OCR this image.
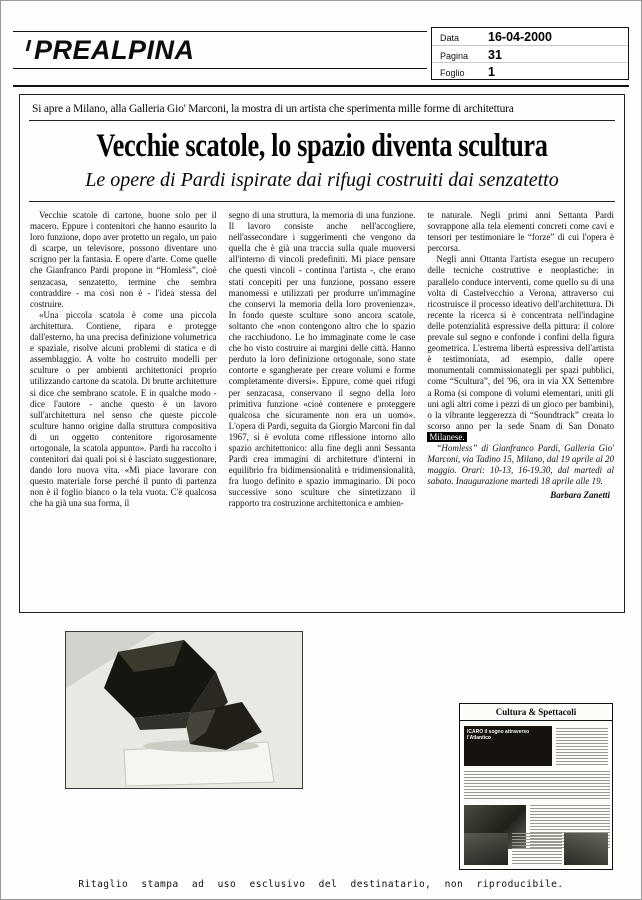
PREALPINA	Data	16-04-2000
Pagina	31
Foglio	1
Si apre a Milano, alla Galleria Gio' Marconi, la mostra di un artista che sperimenta mille forme di architettura
Vecchie scatole, lo spazio diventa scultura
Le opere di Pardi ispirate dai rifugi costruiti dai senzatetto

Vecchie scatole di cartone, buone solo per il macero. Eppure i contenitori che hanno esaurito la loro funzione, dopo aver protetto un regalo, un paio di scarpe, un televisore, possono diventare uno scrigno per la fantasia. E opere d'arte. Come quelle che Gianfranco Pardi propone in “Homless”, cioè senzacasa, senzatetto, termine che sembra contraddire - ma così non è - l'idea stessa del costruire.

«Una piccola scatola è come una piccola architettura. Contiene, ripara e protegge dall'esterno, ha una precisa definizione volumetrica e spaziale, risolve alcuni problemi di statica e di assemblaggio. A volte ho costruito modelli per sculture o per ambienti architettonici proprio utilizzando cartone da scatola. Di brutte architetture si dice che sembrano scatole. E in qualche modo - dice l'autore - anche questo è un lavoro sull'architettura nel senso che queste piccole sculture hanno origine dalla struttura compositiva di un oggetto contenitore rigorosamente ortogonale, la scatola appunto». Pardi ha raccolto i contenitori dai quali poi si è lasciato suggestionare, dando loro nuova vita. «Mi piace lavorare con questo materiale forse perché il punto di partenza non è il foglio bianco o la tela vuota. C'è qualcosa che ha già una sua forma, il

segno di una struttura, la memoria di una funzione. Il lavoro consiste anche nell'accogliere, nell'assecondare i suggerimenti che vengono da quella che è già una traccia sulla quale muoversi all'interno di vincoli predefiniti. Mi piace pensare che questi vincoli - continua l'artista -, che erano stati concepiti per una funzione, possano essere manomessi e utilizzati per produrre un'immagine che conservi la memoria della loro provenienza». In fondo queste sculture sono ancora scatole, soltanto che «non contengono altro che lo spazio che racchiudono. Le ho immaginate come le case che ho visto costruire ai margini delle città. Hanno perduto la loro definizione ortogonale, sono state contorte e sgangherate per creare volumi e forme completamente diversi». Eppure, come quei rifugi per senzacasa, conservano il segno della loro primitiva funzione «cioè contenere e proteggere qualcosa che sicuramente non era un uomo». L'opera di Pardi, seguita da Giorgio Marconi fin dal 1967, si è evoluta come riflessione intorno allo spazio architettonico: alla fine degli anni Sessanta Pardi crea immagini di architetture d'interni in equilibrio fra bidimensionalità e tridimensionalità, fra luogo definito e spazio immaginario. Di poco successive sono sculture che sintetizzano il rapporto tra costruzione architettonica e ambien-

te naturale. Negli primi anni Settanta Pardi sovrappone alla tela elementi concreti come cavi e tensori per testimoniare le “forze” di cui l'opera è percorsa.

Negli anni Ottanta l'artista esegue un recupero delle tecniche costruttive e neoplastiche: in parallelo conduce interventi, come quello su di una volta di Castelvecchio a Verona, attraverso cui ricostruisce il processo ideativo dell'architettura. Di recente la ricerca si è concentrata nell'indagine delle potenzialità espressive della pittura: il colore prevale sul segno e confonde i confini della figura geometrica. L'estrema libertà espressiva dell'artista è testimoniata, ad esempio, dalle opere monumentali commissionategli per spazi pubblici, come “Scultura”, del '96, ora in via XX Settembre a Roma (si compone di volumi elementari, uniti gli uni agli altri come i pezzi di un gioco per bambini), o la vibrante leggerezza di “Soundtrack” creata lo scorso anno per la sede Snam di San Donato Milanese.

“Homless” di Gianfranco Pardi, Galleria Gio' Marconi, via Tadino 15, Milano, dal 19 aprile al 20 maggio. Orari: 10-13, 16-19.30, dal martedì al sabato. Inaugurazione martedì 18 aprile alle 19.

Barbara Zanetti

Cultura & Spettacoli
ICARO il sogno attraverso l'Atlantico
Ritaglio stampa ad uso esclusivo del destinatario, non riproducibile.
